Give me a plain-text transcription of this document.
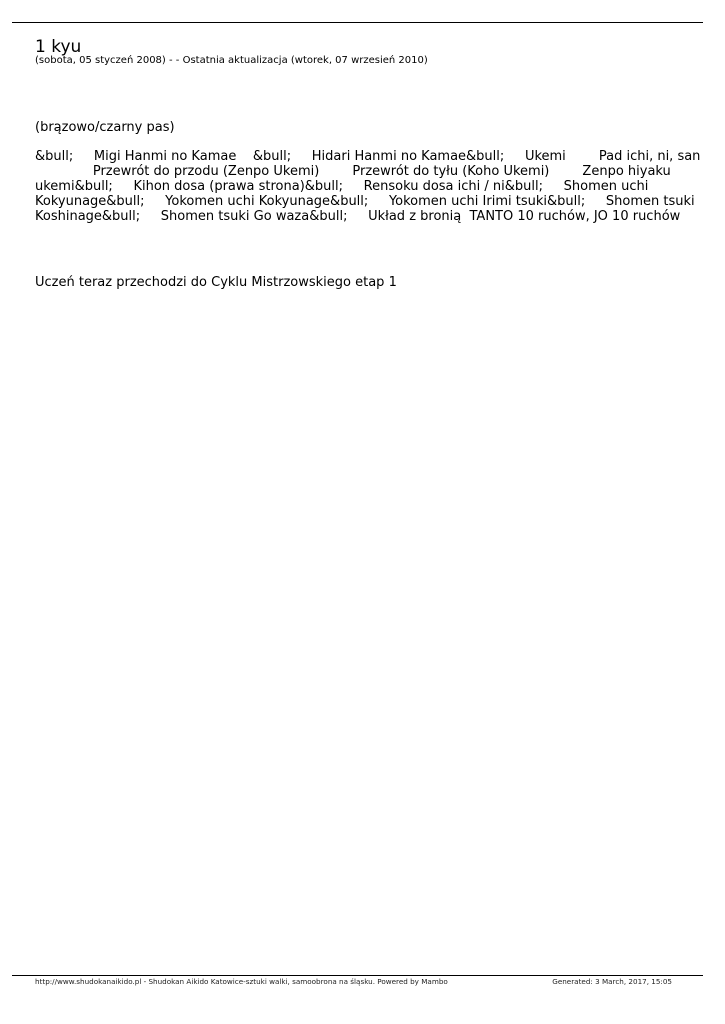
1 kyu
(sobota, 05 styczeń 2008) - - Ostatnia aktualizacja (wtorek, 07 wrzesień 2010)
(brązowo/czarny pas)
&bull;     Migi Hanmi no Kamae    &bull;     Hidari Hanmi no Kamae&bull;     Ukemi        Pad ichi, ni, san
Przewrót do przodu (Zenpo Ukemi)        Przewrót do tyłu (Koho Ukemi)        Zenpo hiyaku
ukemi&bull;     Kihon dosa (prawa strona)&bull;     Rensoku dosa ichi / ni&bull;     Shomen uchi
Kokyunage&bull;     Yokomen uchi Kokyunage&bull;     Yokomen uchi Irimi tsuki&bull;     Shomen tsuki
Koshinage&bull;     Shomen tsuki Go waza&bull;     Układ z bronią  TANTO 10 ruchów, JO 10 ruchów
Uczeń teraz przechodzi do Cyklu Mistrzowskiego etap 1
http://www.shudokanaikido.pl - Shudokan Aikido Katowice-sztuki walki, samoobrona na śląsku. Powered by Mambo	Generated: 3 March, 2017, 15:05
